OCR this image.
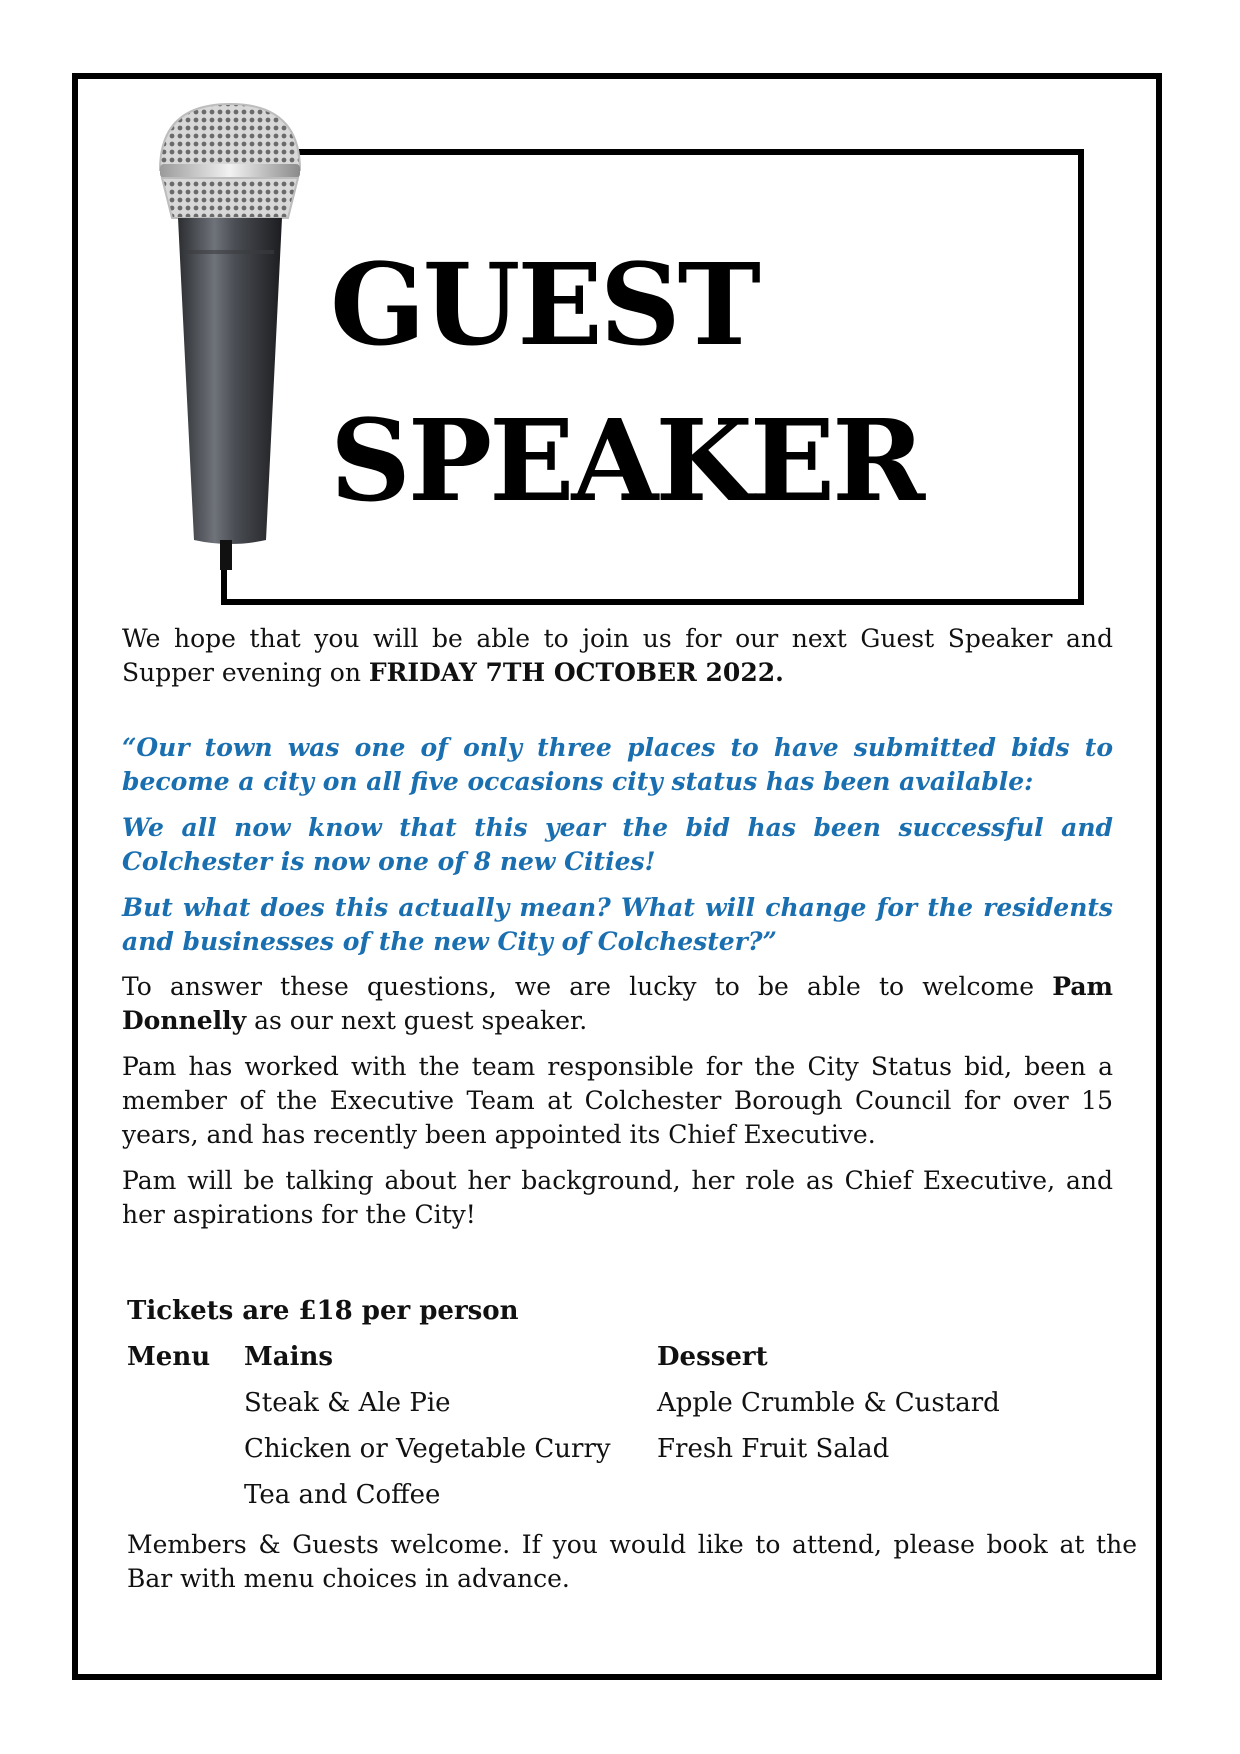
GUEST
SPEAKER

We hope that you will be able to join us for our next Guest Speaker and Supper evening on FRIDAY 7TH OCTOBER 2022.

“Our town was one of only three places to have submitted bids to become a city on all five occasions city status has been available:

We all now know that this year the bid has been successful and Colchester is now one of 8 new Cities!

But what does this actually mean? What will change for the residents and businesses of the new City of Colchester?”

To answer these questions, we are lucky to be able to welcome Pam Donnelly as our next guest speaker.

Pam has worked with the team responsible for the City Status bid, been a member of the Executive Team at Colchester Borough Council for over 15 years, and has recently been appointed its Chief Executive.

Pam will be talking about her background, her role as Chief Executive, and her aspirations for the City!

Tickets are £18 per person
Menu Mains
Steak & Ale Pie
Chicken or Vegetable Curry
Tea and Coffee
Dessert
Apple Crumble & Custard
Fresh Fruit Salad

Members & Guests welcome. If you would like to attend, please book at the Bar with menu choices in advance.
